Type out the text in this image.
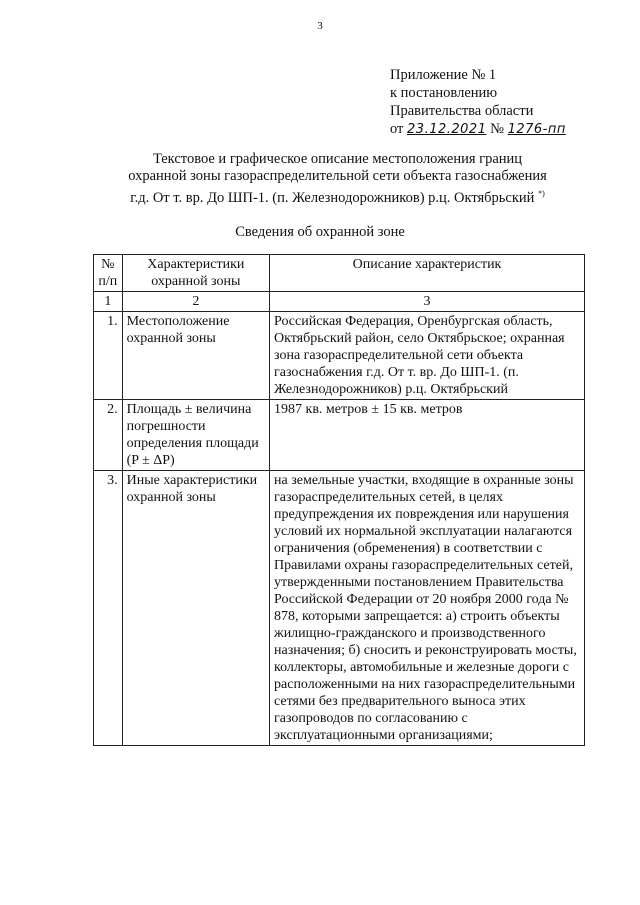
3
Приложение № 1
к постановлению
Правительства области
от 23.12.2021 № 1276-пп
Текстовое и графическое описание местоположения границ
охранной зоны газораспределительной сети объекта газоснабжения
г.д. От т. вр. До ШП-1. (п. Железнодорожников) р.ц. Октябрьский *)
Сведения об охранной зоне
№ п/п	Характеристики охранной зоны	Описание характеристик
1	2	3
1.	Местоположение охранной зоны	Российская Федерация, Оренбургская область, Октябрьский район, село Октябрьское; охранная зона газораспределительной сети объекта газоснабжения г.д. От т. вр. До ШП-1. (п. Железнодорожников) р.ц. Октябрьский
2.	Площадь ± величина погрешности определения площади (P ± ΔP)	1987 кв. метров ± 15 кв. метров
3.	Иные характеристики охранной зоны	на земельные участки, входящие в охранные зоны газораспределительных сетей, в целях предупреждения их повреждения или нарушения условий их нормальной эксплуатации налагаются ограничения (обременения) в соответствии с Правилами охраны газораспределительных сетей, утвержденными постановлением Правительства Российской Федерации от 20 ноября 2000 года № 878, которыми запрещается: а) строить объекты жилищно-гражданского и производственного назначения; б) сносить и реконструировать мосты, коллекторы, автомобильные и железные дороги с расположенными на них газораспределительными сетями без предварительного выноса этих газопроводов по согласованию с эксплуатационными организациями;
